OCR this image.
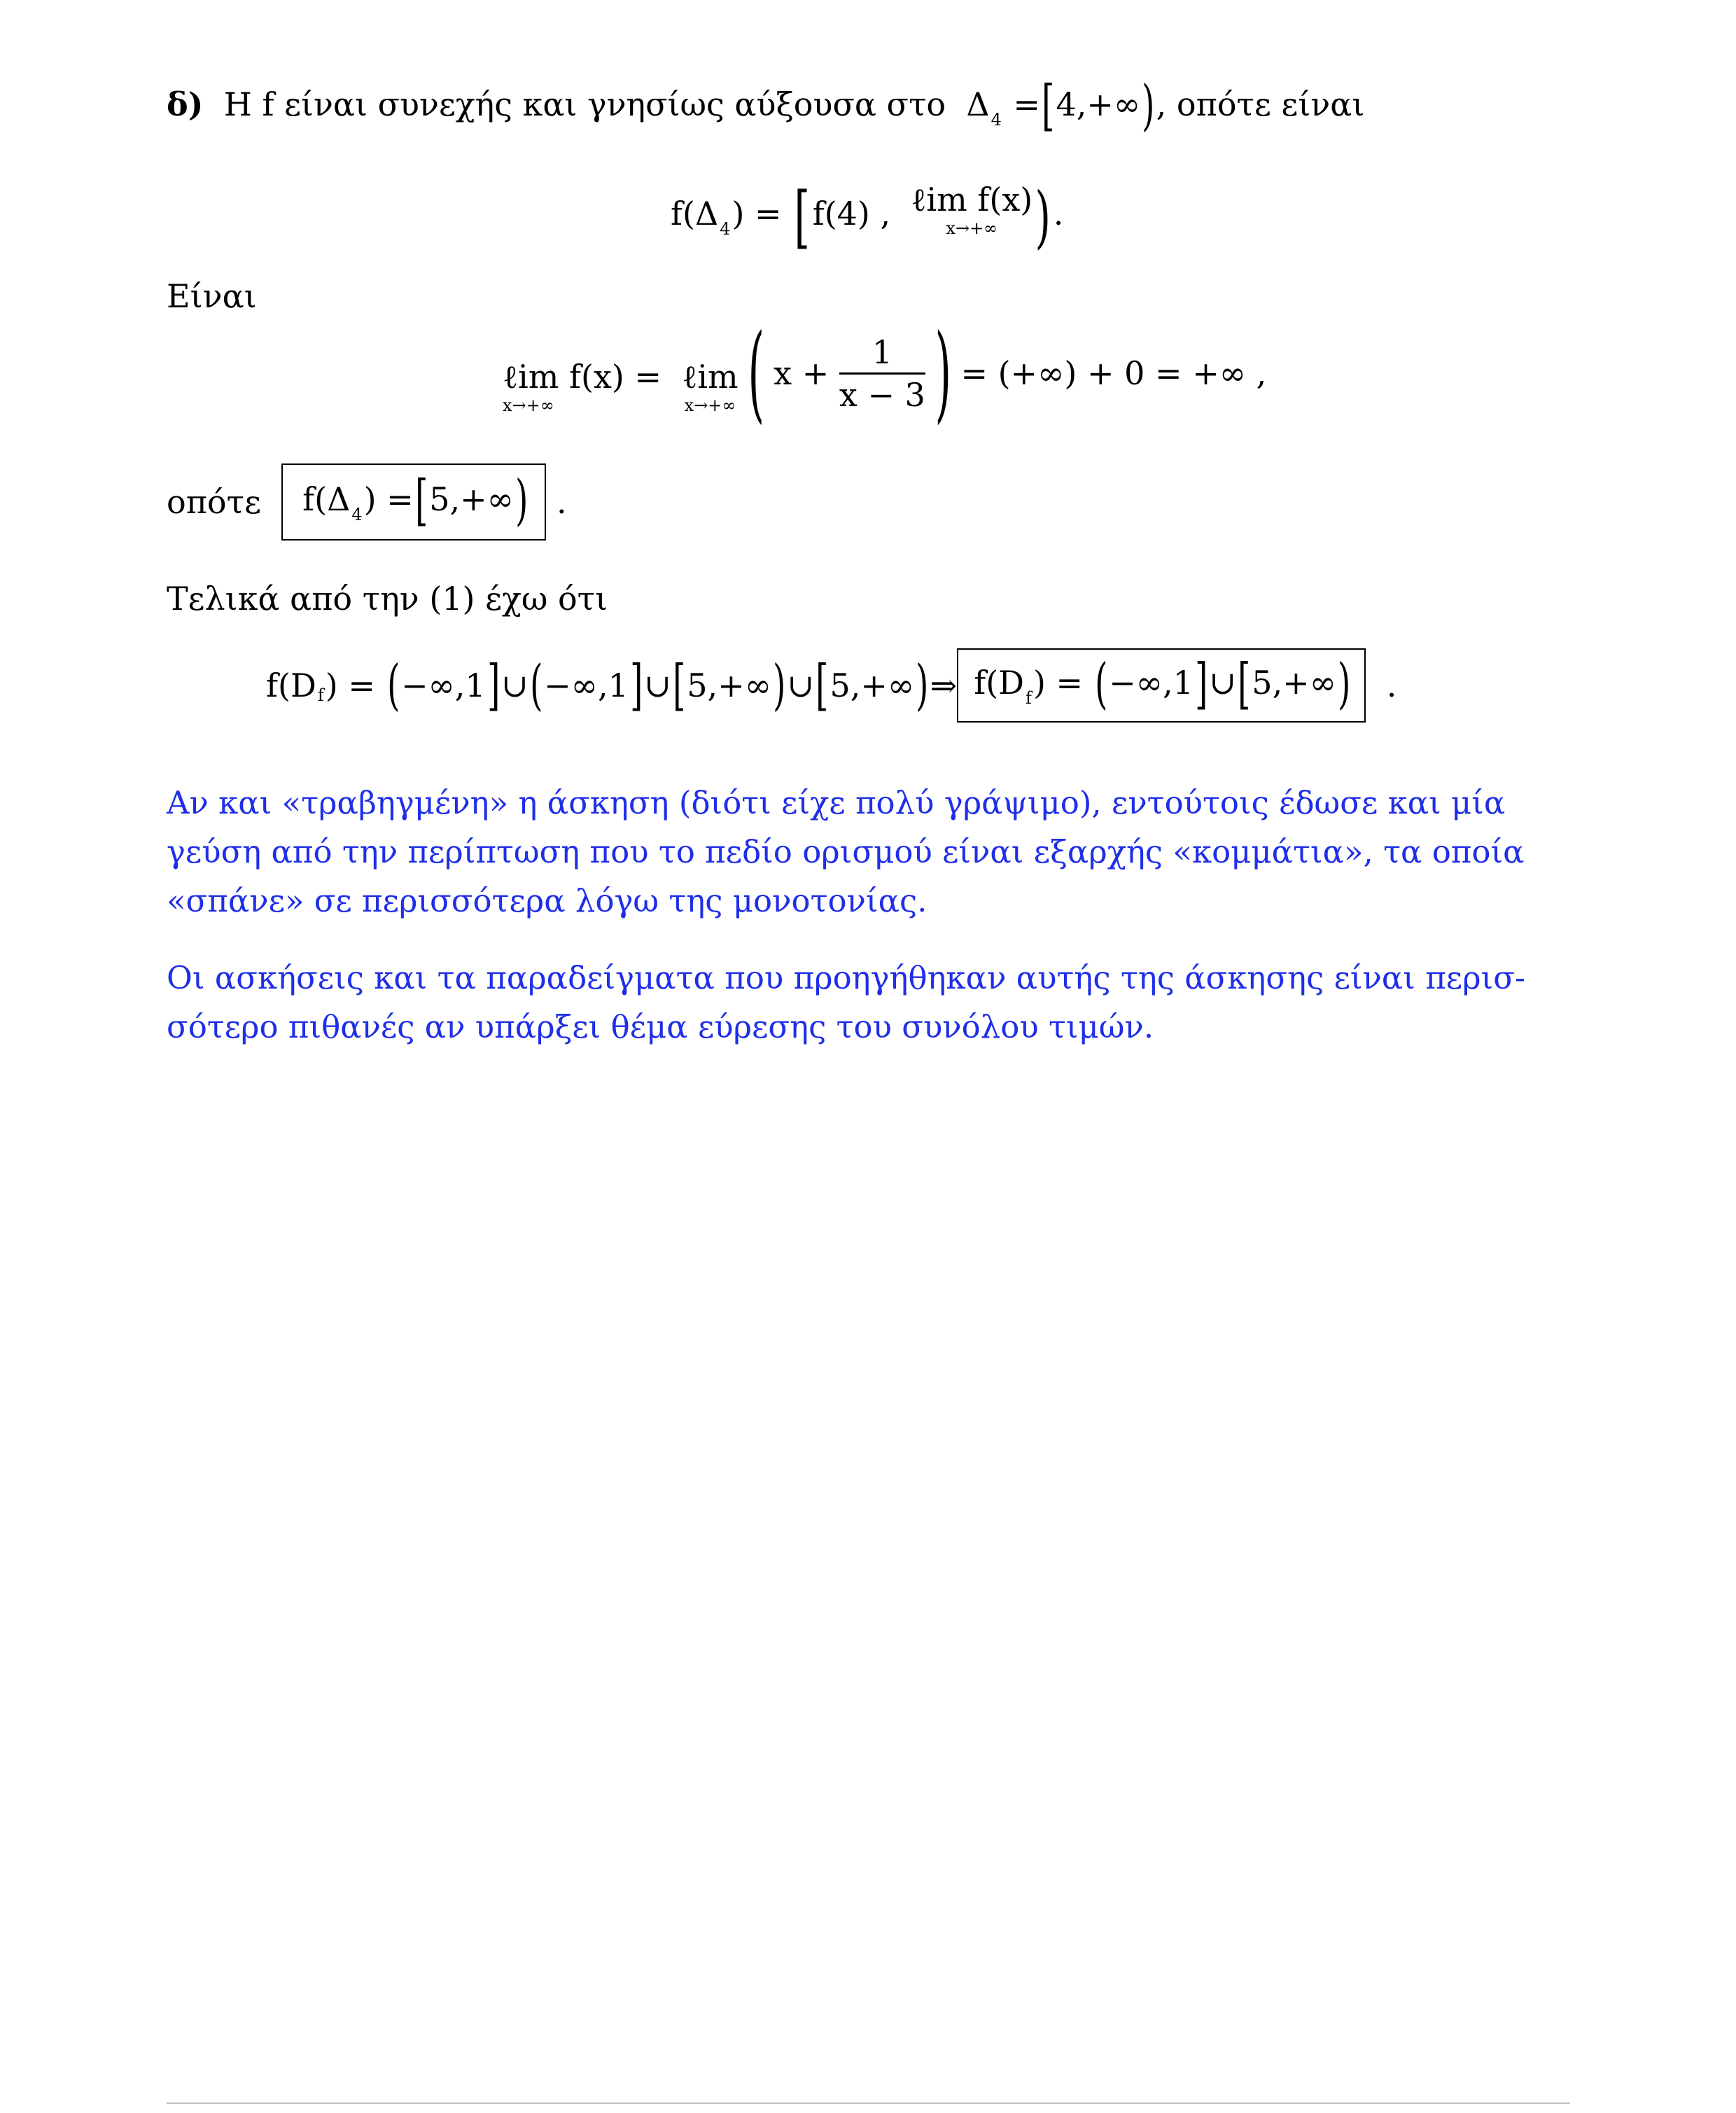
δ) Η f είναι συνεχής και γνησίως αύξουσα στο $\Delta_4 =[4,+\infty)$, οπότε είναι
$f(\Delta_4) = [f(4)$ , ℓim f(x)
x→+∞ ).
Είναι
ℓim f(x) =
x→+∞

ℓim
x→+∞ ( x +
$\frac{1}{x - 3}$ ) = (+∞) + 0 = +∞ ,
οπότε
	$f(\Delta_4) =[5,+\infty)$
.
Τελικά από την (1) έχω ότι
f(D f ) =
( −∞,1 ] ∪ ( −∞,1 ] ∪ [ 5,+∞ ) ∪ [ 5,+∞ ) ⇒ $f(D_f)$ = (−∞,1]∪[5,+∞)
	.
Αν και «τραβηγμένη» η άσκηση (διότι είχε πολύ γράψιμο), εντούτοις έδωσε και μία
γεύση από την περίπτωση που το πεδίο ορισμού είναι εξαρχής «κομμάτια», τα οποία
«σπάνε» σε περισσότερα λόγω της μονοτονίας.
Οι ασκήσεις και τα παραδείγματα που προηγήθηκαν αυτής της άσκησης είναι περισ-
σότερο πιθανές αν υπάρξει θέμα εύρεσης του συνόλου τιμών.
